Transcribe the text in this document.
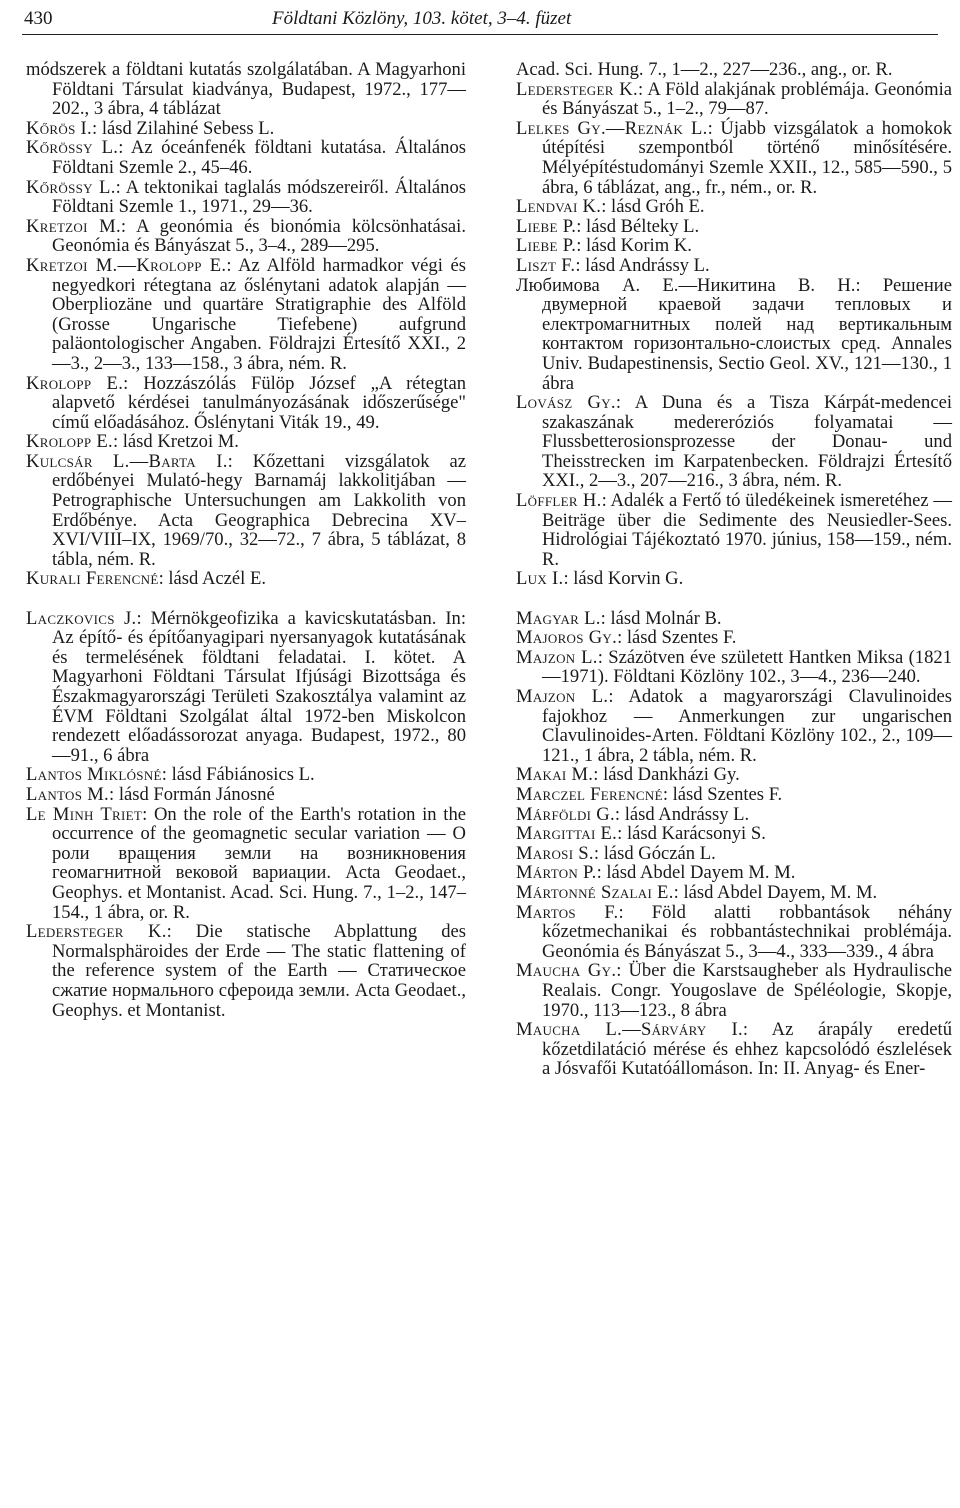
430	Földtani Közlöny, 103. kötet, 3–4. füzet

módszerek a földtani kutatás szolgálatában. A Magyarhoni Földtani Társulat kiadványa, Budapest, 1972., 177—202., 3 ábra, 4 táblázat

Kőrös I.: lásd Zilahiné Sebess L.

Kőrössy L.: Az óceánfenék földtani kutatása. Általános Földtani Szemle 2., 45–46.

Kőrössy L.: A tektonikai taglalás módszereiről. Általános Földtani Szemle 1., 1971., 29—36.

Kretzoi M.: A geonómia és bionómia kölcsönhatásai. Geonómia és Bányászat 5., 3–4., 289—295.

Kretzoi M.—Krolopp E.: Az Alföld harmadkor végi és negyedkori rétegtana az őslénytani adatok alapján — Oberpliozäne und quartäre Stratigraphie des Alföld (Grosse Ungarische Tiefebene) aufgrund paläontologischer Angaben. Földrajzi Értesítő XXI., 2—3., 2—3., 133—158., 3 ábra, ném. R.

Krolopp E.: Hozzászólás Fülöp József „A rétegtan alapvető kérdései tanulmányozásának időszerűsége" című előadásához. Őslénytani Viták 19., 49.

Krolopp E.: lásd Kretzoi M.

Kulcsár L.—Barta I.: Kőzettani vizsgálatok az erdőbényei Mulató-hegy Barnamáj lakkolitjában — Petrographische Untersuchungen am Lakkolith von Erdőbénye. Acta Geographica Debrecina XV–XVI/VIII–IX, 1969/70., 32—72., 7 ábra, 5 táblázat, 8 tábla, ném. R.

Kurali Ferencné: lásd Aczél E.

Laczkovics J.: Mérnökgeofizika a kavicskutatásban. In: Az építő- és építőanyagipari nyersanyagok kutatásának és termelésének földtani feladatai. I. kötet. A Magyarhoni Földtani Társulat Ifjúsági Bizottsága és Északmagyarországi Területi Szakosztálya valamint az ÉVM Földtani Szolgálat által 1972-ben Miskolcon rendezett előadássorozat anyaga. Budapest, 1972., 80—91., 6 ábra

Lantos Miklósné: lásd Fábiánosics L.

Lantos M.: lásd Formán Jánosné

Le Minh Triet: On the role of the Earth's rotation in the occurrence of the geomagnetic secular variation — О роли вращения земли на возникновения геомагнитной вековой вариации. Acta Geodaet., Geophys. et Montanist. Acad. Sci. Hung. 7., 1–2., 147–154., 1 ábra, or. R.

Ledersteger K.: Die statische Abplattung des Normalsphäroides der Erde — The static flattening of the reference system of the Earth — Статическое сжатие нормального сфероида земли. Acta Geodaet., Geophys. et Montanist.

Acad. Sci. Hung. 7., 1—2., 227—236., ang., or. R.

Ledersteger K.: A Föld alakjának problémája. Geonómia és Bányászat 5., 1–2., 79—87.

Lelkes Gy.—Reznák L.: Újabb vizsgálatok a homokok útépítési szempontból történő minősítésére. Mélyépítéstudományi Szemle XXII., 12., 585—590., 5 ábra, 6 táblázat, ang., fr., ném., or. R.

Lendvai K.: lásd Gróh E.

Liebe P.: lásd Bélteky L.

Liebe P.: lásd Korim K.

Liszt F.: lásd Andrássy L.

Любимова А. Е.—Никитина В. Н.: Решение двумерной краевой задачи тепловых и електромагнитных полей над вертикальным контактом горизонтально-слоистых сред. Annales Univ. Budapestinensis, Sectio Geol. XV., 121—130., 1 ábra

Lovász Gy.: A Duna és a Tisza Kárpát-medencei szakaszának medereróziós folyamatai — Flussbetterosionsprozesse der Donau- und Theisstrecken im Karpatenbecken. Földrajzi Értesítő XXI., 2—3., 207—216., 3 ábra, ném. R.

Löffler H.: Adalék a Fertő tó üledékeinek ismeretéhez — Beiträge über die Sedimente des Neusiedler-Sees. Hidrológiai Tájékoztató 1970. június, 158—159., ném. R.

Lux I.: lásd Korvin G.

Magyar L.: lásd Molnár B.

Majoros Gy.: lásd Szentes F.

Majzon L.: Százötven éve született Hantken Miksa (1821—1971). Földtani Közlöny 102., 3—4., 236—240.

Majzon L.: Adatok a magyarországi Clavulinoides fajokhoz — Anmerkungen zur ungarischen Clavulinoides-Arten. Földtani Közlöny 102., 2., 109—121., 1 ábra, 2 tábla, ném. R.

Makai M.: lásd Dankházi Gy.

Marczel Ferencné: lásd Szentes F.

Márföldi G.: lásd Andrássy L.

Margittai E.: lásd Karácsonyi S.

Marosi S.: lásd Góczán L.

Márton P.: lásd Abdel Dayem M. M.

Mártonné Szalai E.: lásd Abdel Dayem, M. M.

Martos F.: Föld alatti robbantások néhány kőzetmechanikai és robbantástechnikai problémája. Geonómia és Bányászat 5., 3—4., 333—339., 4 ábra

Maucha Gy.: Über die Karstsaugheber als Hydraulische Realais. Congr. Yougoslave de Spéléologie, Skopje, 1970., 113—123., 8 ábra

Maucha L.—Sárváry I.: Az árapály eredetű kőzetdilatáció mérése és ehhez kapcsolódó észlelések a Jósvafői Kutatóállomáson. In: II. Anyag- és Ener-
